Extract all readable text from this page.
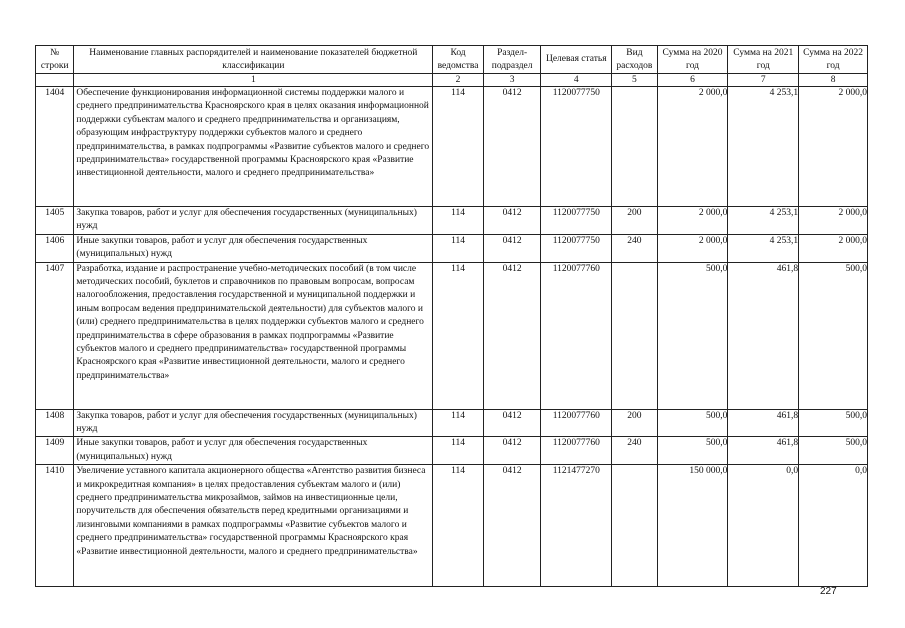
№ строки	Наименование главных распорядителей и наименование показателей бюджетной классификации	Код ведомства	Раздел-подраздел	Целевая статья	Вид расходов	Сумма на 2020 год	Сумма на 2021 год	Сумма на 2022 год
	1	2	3	4	5	6	7	8
1404	Обеспечение функционирования информационной системы поддержки малого и среднего предпринимательства Красноярского края в целях оказания информационной поддержки субъектам малого и среднего предпринимательства и организациям, образующим инфраструктуру поддержки субъектов малого и среднего предпринимательства, в рамках подпрограммы «Развитие субъектов малого и среднего предпринимательства» государственной программы Красноярского края «Развитие инвестиционной деятельности, малого и среднего предпринимательства»	114	0412	1120077750		2 000,0	4 253,1	2 000,0
1405	Закупка товаров, работ и услуг для обеспечения государственных (муниципальных) нужд	114	0412	1120077750	200	2 000,0	4 253,1	2 000,0
1406	Иные закупки товаров, работ и услуг для обеспечения государственных (муниципальных) нужд	114	0412	1120077750	240	2 000,0	4 253,1	2 000,0
1407	Разработка, издание и распространение учебно-методических пособий (в том числе методических пособий, буклетов и справочников по правовым вопросам, вопросам налогообложения, предоставления государственной и муниципальной поддержки и иным вопросам ведения предпринимательской деятельности) для субъектов малого и (или) среднего предпринимательства в целях поддержки субъектов малого и среднего предпринимательства в сфере образования в рамках подпрограммы «Развитие субъектов малого и среднего предпринимательства» государственной программы Красноярского края «Развитие инвестиционной деятельности, малого и среднего предпринимательства»	114	0412	1120077760		500,0	461,8	500,0
1408	Закупка товаров, работ и услуг для обеспечения государственных (муниципальных) нужд	114	0412	1120077760	200	500,0	461,8	500,0
1409	Иные закупки товаров, работ и услуг для обеспечения государственных (муниципальных) нужд	114	0412	1120077760	240	500,0	461,8	500,0
1410	Увеличение уставного капитала акционерного общества «Агентство развития бизнеса и микрокредитная компания» в целях предоставления субъектам малого и (или) среднего предпринимательства микрозаймов, займов на инвестиционные цели, поручительств для обеспечения обязательств перед кредитными организациями и лизинговыми компаниями в рамках подпрограммы «Развитие субъектов малого и среднего предпринимательства» государственной программы Красноярского края «Развитие инвестиционной деятельности, малого и среднего предпринимательства»	114	0412	1121477270		150 000,0	0,0	0,0
227
